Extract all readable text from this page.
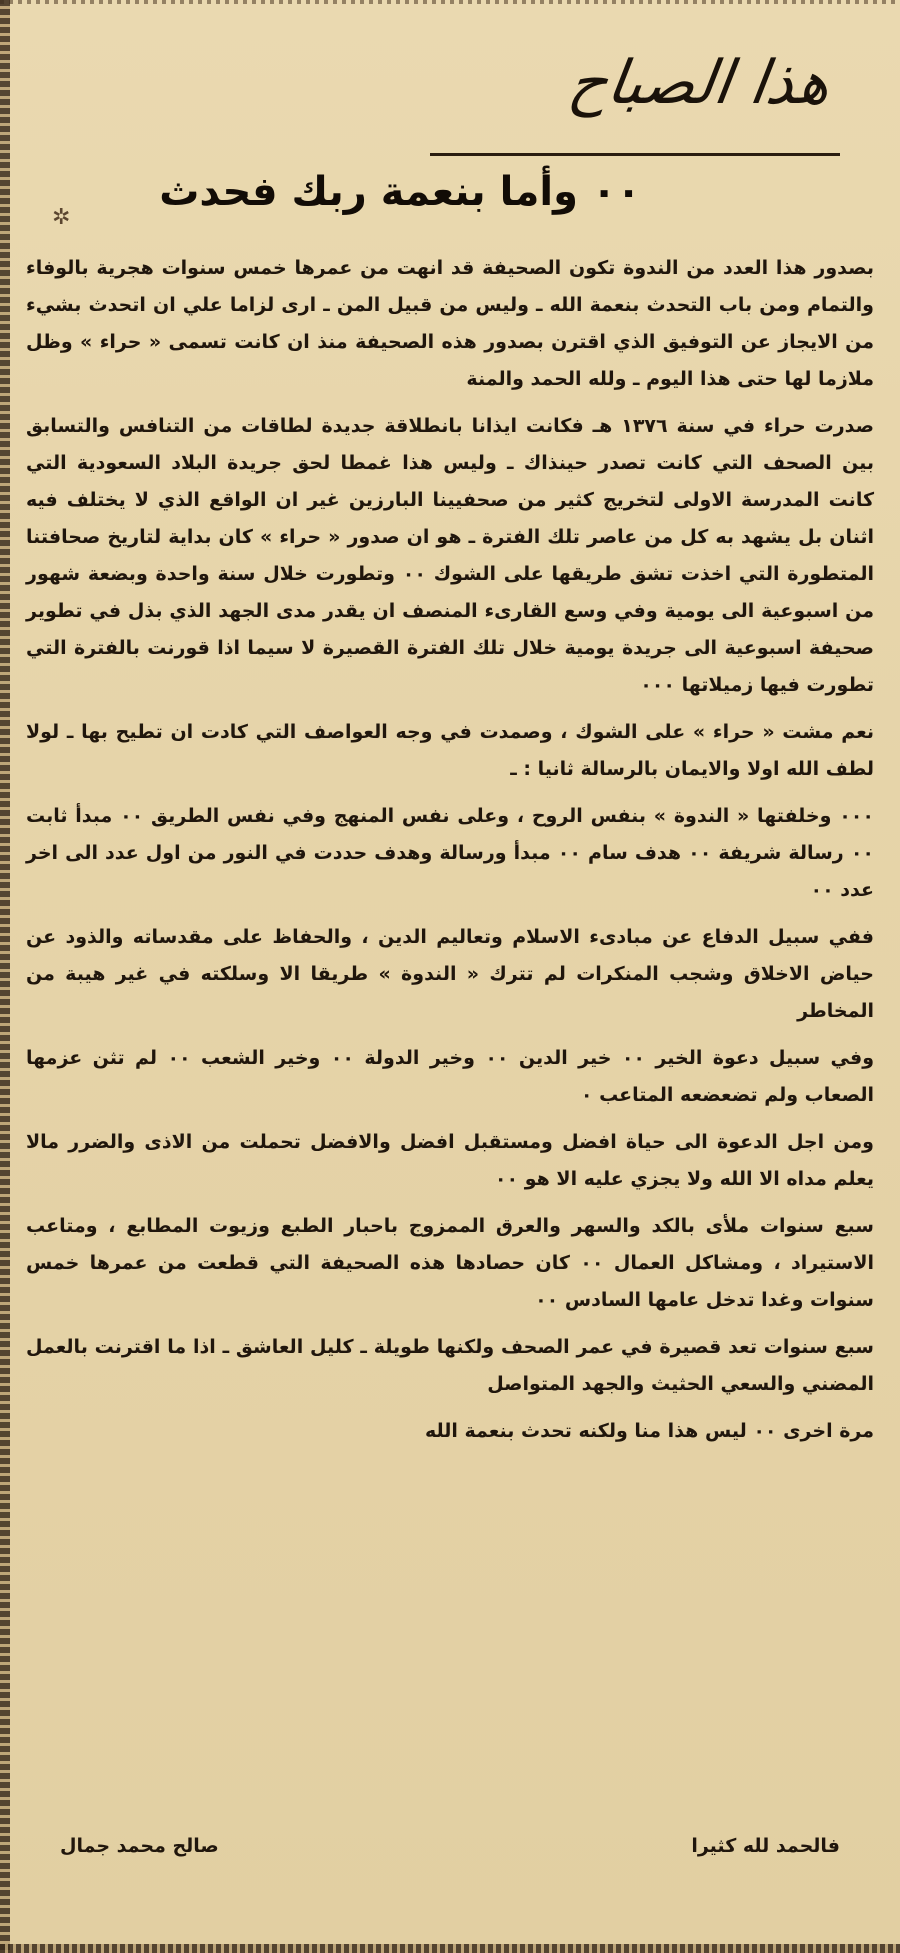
هذا الصباح
✲
٠٠ وأما بنعمة ربك فحدث

بصدور هذا العدد من الندوة تكون الصحيفة قد انهت من عمرها خمس سنوات هجرية بالوفاء والتمام ومن باب التحدث بنعمة الله ـ وليس من قبيل المن ـ ارى لزاما علي ان اتحدث بشيء من الايجاز عن التوفيق الذي اقترن بصدور هذه الصحيفة منذ ان كانت تسمى « حراء » وظل ملازما لها حتى هذا اليوم ـ ولله الحمد والمنة

صدرت حراء في سنة ١٣٧٦ هـ فكانت ايذانا بانطلاقة جديدة لطاقات من التنافس والتسابق بين الصحف التي كانت تصدر حينذاك ـ وليس هذا غمطا لحق جريدة البلاد السعودية التي كانت المدرسة الاولى لتخريج كثير من صحفيينا البارزين غير ان الواقع الذي لا يختلف فيه اثنان بل يشهد به كل من عاصر تلك الفترة ـ هو ان صدور « حراء » كان بداية لتاريخ صحافتنا المتطورة التي اخذت تشق طريقها على الشوك ٠٠ وتطورت خلال سنة واحدة وبضعة شهور من اسبوعية الى يومية وفي وسع القارىء المنصف ان يقدر مدى الجهد الذي بذل في تطوير صحيفة اسبوعية الى جريدة يومية خلال تلك الفترة القصيرة لا سيما اذا قورنت بالفترة التي تطورت فيها زميلاتها ٠٠٠

نعم مشت « حراء » على الشوك ، وصمدت في وجه العواصف التي كادت ان تطيح بها ـ لولا لطف الله اولا والايمان بالرسالة ثانيا : ـ

٠٠٠ وخلفتها « الندوة » بنفس الروح ، وعلى نفس المنهج وفي نفس الطريق ٠٠ مبدأ ثابت ٠٠ رسالة شريفة ٠٠ هدف سام ٠٠ مبدأ ورسالة وهدف حددت في النور من اول عدد الى اخر عدد ٠٠

ففي سبيل الدفاع عن مبادىء الاسلام وتعاليم الدين ، والحفاظ على مقدساته والذود عن حياض الاخلاق وشجب المنكرات لم تترك « الندوة » طريقا الا وسلكته في غير هيبة من المخاطر

وفي سبيل دعوة الخير ٠٠ خير الدين ٠٠ وخير الدولة ٠٠ وخير الشعب ٠٠ لم تثن عزمها الصعاب ولم تضعضعه المتاعب ٠

ومن اجل الدعوة الى حياة افضل ومستقبل افضل والافضل تحملت من الاذى والضرر مالا يعلم مداه الا الله ولا يجزي عليه الا هو ٠٠

سبع سنوات ملأى بالكد والسهر والعرق الممزوج باحبار الطبع وزيوت المطابع ، ومتاعب الاستيراد ، ومشاكل العمال ٠٠ كان حصادها هذه الصحيفة التي قطعت من عمرها خمس سنوات وغدا تدخل عامها السادس ٠٠

سبع سنوات تعد قصيرة في عمر الصحف ولكنها طويلة ـ كليل العاشق ـ اذا ما اقترنت بالعمل المضني والسعي الحثيث والجهد المتواصل

مرة اخرى ٠٠ ليس هذا منا ولكنه تحدث بنعمة الله

فالحمد لله كثيرا
صالح محمد جمال
